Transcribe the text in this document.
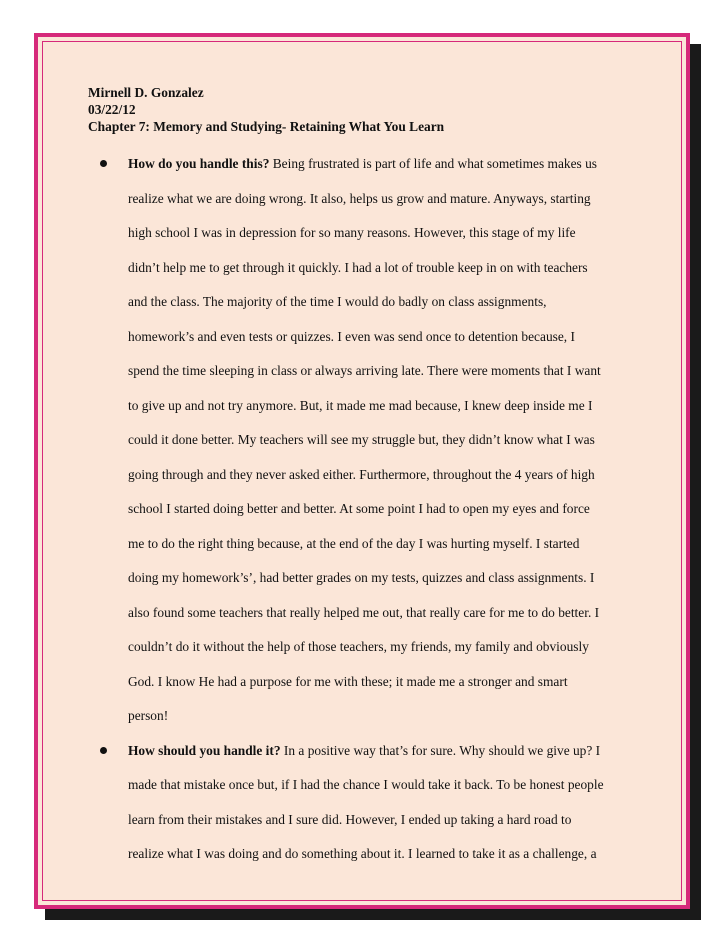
Mirnell D. Gonzalez

03/22/12

Chapter 7: Memory and Studying- Retaining What You Learn

How do you handle this? Being frustrated is part of life and what sometimes makes us
realize what we are doing wrong. It also, helps us grow and mature. Anyways, starting
high school I was in depression for so many reasons. However, this stage of my life
didn’t help me to get through it quickly. I had a lot of trouble keep in on with teachers
and the class. The majority of the time I would do badly on class assignments,
homework’s and even tests or quizzes. I even was send once to detention because, I
spend the time sleeping in class or always arriving late. There were moments that I want
to give up and not try anymore. But, it made me mad because, I knew deep inside me I
could it done better. My teachers will see my struggle but, they didn’t know what I was
going through and they never asked either. Furthermore, throughout the 4 years of high
school I started doing better and better. At some point I had to open my eyes and force
me to do the right thing because, at the end of the day I was hurting myself. I started
doing my homework’s’, had better grades on my tests, quizzes and class assignments. I
also found some teachers that really helped me out, that really care for me to do better. I
couldn’t do it without the help of those teachers, my friends, my family and obviously
God. I know He had a purpose for me with these; it made me a stronger and smart
person!
How should you handle it? In a positive way that’s for sure. Why should we give up? I
made that mistake once but, if I had the chance I would take it back. To be honest people
learn from their mistakes and I sure did. However, I ended up taking a hard road to
realize what I was doing and do something about it. I learned to take it as a challenge, a
